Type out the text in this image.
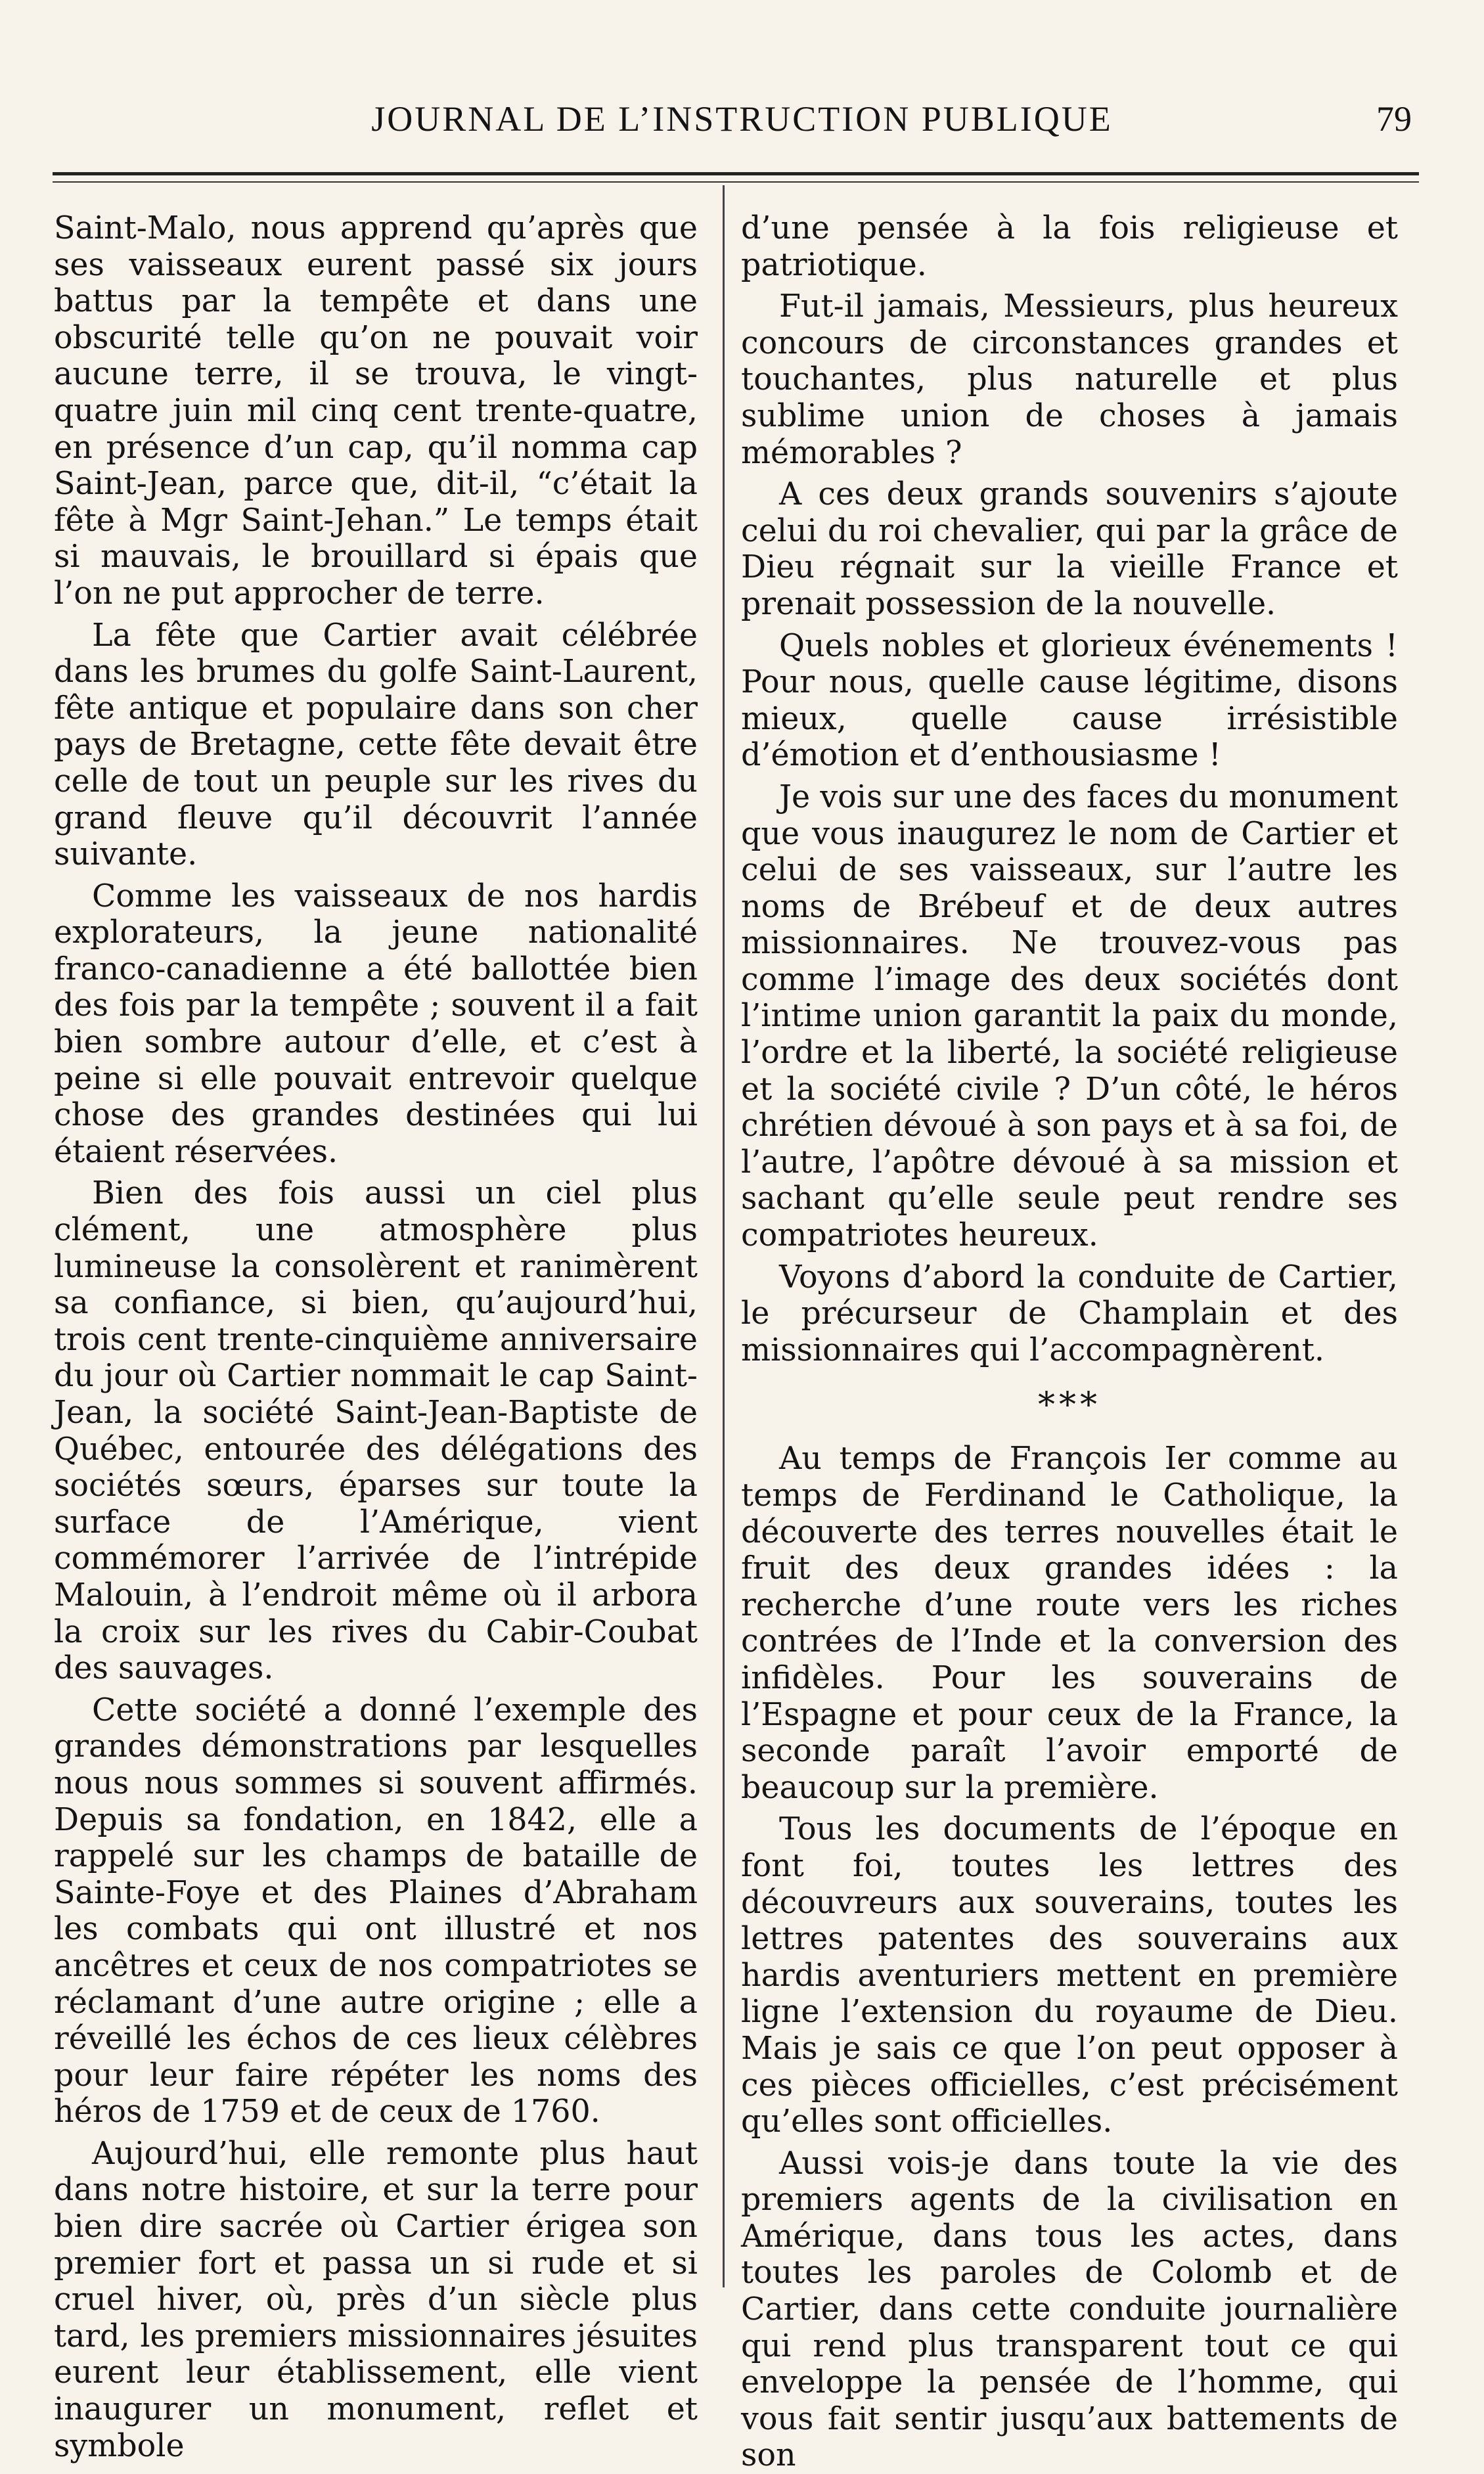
JOURNAL DE L’INSTRUCTION PUBLIQUE	79

Saint-Malo, nous apprend qu’après que ses vaisseaux eurent passé six jours battus par la tempête et dans une obscurité telle qu’on ne pouvait voir aucune terre, il se trouva, le vingt-quatre juin mil cinq cent trente-quatre, en présence d’un cap, qu’il nomma cap Saint-Jean, parce que, dit-il, “c’était la fête à Mgr Saint-Jehan.” Le temps était si mauvais, le brouillard si épais que l’on ne put approcher de terre.

La fête que Cartier avait célébrée dans les brumes du golfe Saint-Laurent, fête antique et populaire dans son cher pays de Bretagne, cette fête devait être celle de tout un peuple sur les rives du grand fleuve qu’il découvrit l’année suivante.

Comme les vaisseaux de nos hardis explorateurs, la jeune nationalité franco-canadienne a été ballottée bien des fois par la tempête ; souvent il a fait bien sombre autour d’elle, et c’est à peine si elle pouvait entrevoir quelque chose des grandes destinées qui lui étaient réservées.

Bien des fois aussi un ciel plus clément, une atmosphère plus lumineuse la consolèrent et ranimèrent sa confiance, si bien, qu’aujourd’hui, trois cent trente-cinquième anniversaire du jour où Cartier nommait le cap Saint-Jean, la société Saint-Jean-Baptiste de Québec, entourée des délégations des sociétés sœurs, éparses sur toute la surface de l’Amérique, vient commémorer l’arrivée de l’intrépide Malouin, à l’endroit même où il arbora la croix sur les rives du Cabir-Coubat des sauvages.

Cette société a donné l’exemple des grandes démonstrations par lesquelles nous nous sommes si souvent affirmés. Depuis sa fondation, en 1842, elle a rappelé sur les champs de bataille de Sainte-Foye et des Plaines d’Abraham les combats qui ont illustré et nos ancêtres et ceux de nos compatriotes se réclamant d’une autre origine ; elle a réveillé les échos de ces lieux célèbres pour leur faire répéter les noms des héros de 1759 et de ceux de 1760.

Aujourd’hui, elle remonte plus haut dans notre histoire, et sur la terre pour bien dire sacrée où Cartier érigea son premier fort et passa un si rude et si cruel hiver, où, près d’un siècle plus tard, les premiers missionnaires jésuites eurent leur établissement, elle vient inaugurer un monument, reflet et symbole

d’une pensée à la fois religieuse et patriotique.

Fut-il jamais, Messieurs, plus heureux concours de circonstances grandes et touchantes, plus naturelle et plus sublime union de choses à jamais mémorables ?

A ces deux grands souvenirs s’ajoute celui du roi chevalier, qui par la grâce de Dieu régnait sur la vieille France et prenait possession de la nouvelle.

Quels nobles et glorieux événements ! Pour nous, quelle cause légitime, disons mieux, quelle cause irrésistible d’émotion et d’enthousiasme !

Je vois sur une des faces du monument que vous inaugurez le nom de Cartier et celui de ses vaisseaux, sur l’autre les noms de Brébeuf et de deux autres missionnaires. Ne trouvez-vous pas comme l’image des deux sociétés dont l’intime union garantit la paix du monde, l’ordre et la liberté, la société religieuse et la société civile ? D’un côté, le héros chrétien dévoué à son pays et à sa foi, de l’autre, l’apôtre dévoué à sa mission et sachant qu’elle seule peut rendre ses compatriotes heureux.

Voyons d’abord la conduite de Cartier, le précurseur de Champlain et des missionnaires qui l’accompagnèrent.

***

Au temps de François Ier comme au temps de Ferdinand le Catholique, la découverte des terres nouvelles était le fruit des deux grandes idées : la recherche d’une route vers les riches contrées de l’Inde et la conversion des infidèles. Pour les souverains de l’Espagne et pour ceux de la France, la seconde paraît l’avoir emporté de beaucoup sur la première.

Tous les documents de l’époque en font foi, toutes les lettres des découvreurs aux souverains, toutes les lettres patentes des souverains aux hardis aventuriers mettent en première ligne l’extension du royaume de Dieu. Mais je sais ce que l’on peut opposer à ces pièces officielles, c’est précisément qu’elles sont officielles.

Aussi vois-je dans toute la vie des premiers agents de la civilisation en Amérique, dans tous les actes, dans toutes les paroles de Colomb et de Cartier, dans cette conduite journalière qui rend plus transparent tout ce qui enveloppe la pensée de l’homme, qui vous fait sentir jusqu’aux battements de son
